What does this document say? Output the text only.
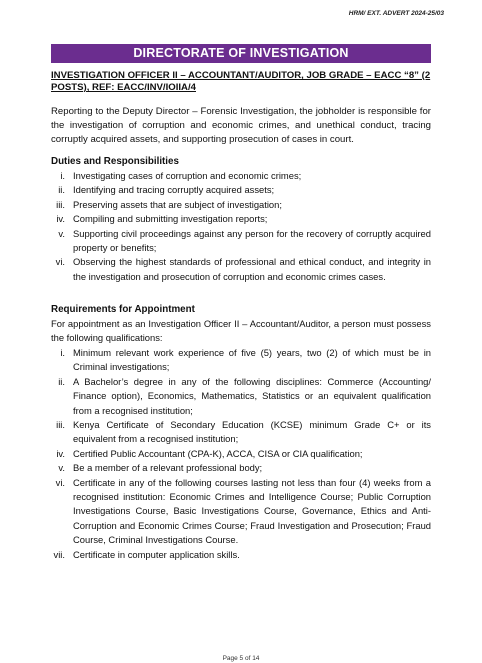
HRM/ EXT. ADVERT 2024-25/03
DIRECTORATE OF INVESTIGATION
INVESTIGATION OFFICER II – ACCOUNTANT/AUDITOR, JOB GRADE – EACC “8” (2 POSTS), REF: EACC/INV/IOIIA/4
Reporting to the Deputy Director – Forensic Investigation, the jobholder is responsible for the investigation of corruption and economic crimes, and unethical conduct, tracing corruptly acquired assets, and supporting prosecution of cases in court.
Duties and Responsibilities
i. Investigating cases of corruption and economic crimes;
ii. Identifying and tracing corruptly acquired assets;
iii. Preserving assets that are subject of investigation;
iv. Compiling and submitting investigation reports;
v. Supporting civil proceedings against any person for the recovery of corruptly acquired property or benefits;
vi. Observing the highest standards of professional and ethical conduct, and integrity in the investigation and prosecution of corruption and economic crimes cases.
Requirements for Appointment
For appointment as an Investigation Officer II – Accountant/Auditor, a person must possess the following qualifications:
i. Minimum relevant work experience of five (5) years, two (2) of which must be in Criminal investigations;
ii. A Bachelor’s degree in any of the following disciplines: Commerce (Accounting/ Finance option), Economics, Mathematics, Statistics or an equivalent qualification from a recognised institution;
iii. Kenya Certificate of Secondary Education (KCSE) minimum Grade C+ or its equivalent from a recognised institution;
iv. Certified Public Accountant (CPA-K), ACCA, CISA or CIA qualification;
v. Be a member of a relevant professional body;
vi. Certificate in any of the following courses lasting not less than four (4) weeks from a recognised institution: Economic Crimes and Intelligence Course; Public Corruption Investigations Course, Basic Investigations Course, Governance, Ethics and Anti-Corruption and Economic Crimes Course; Fraud Investigation and Prosecution; Fraud Course, Criminal Investigations Course.
vii. Certificate in computer application skills.
Page 5 of 14
